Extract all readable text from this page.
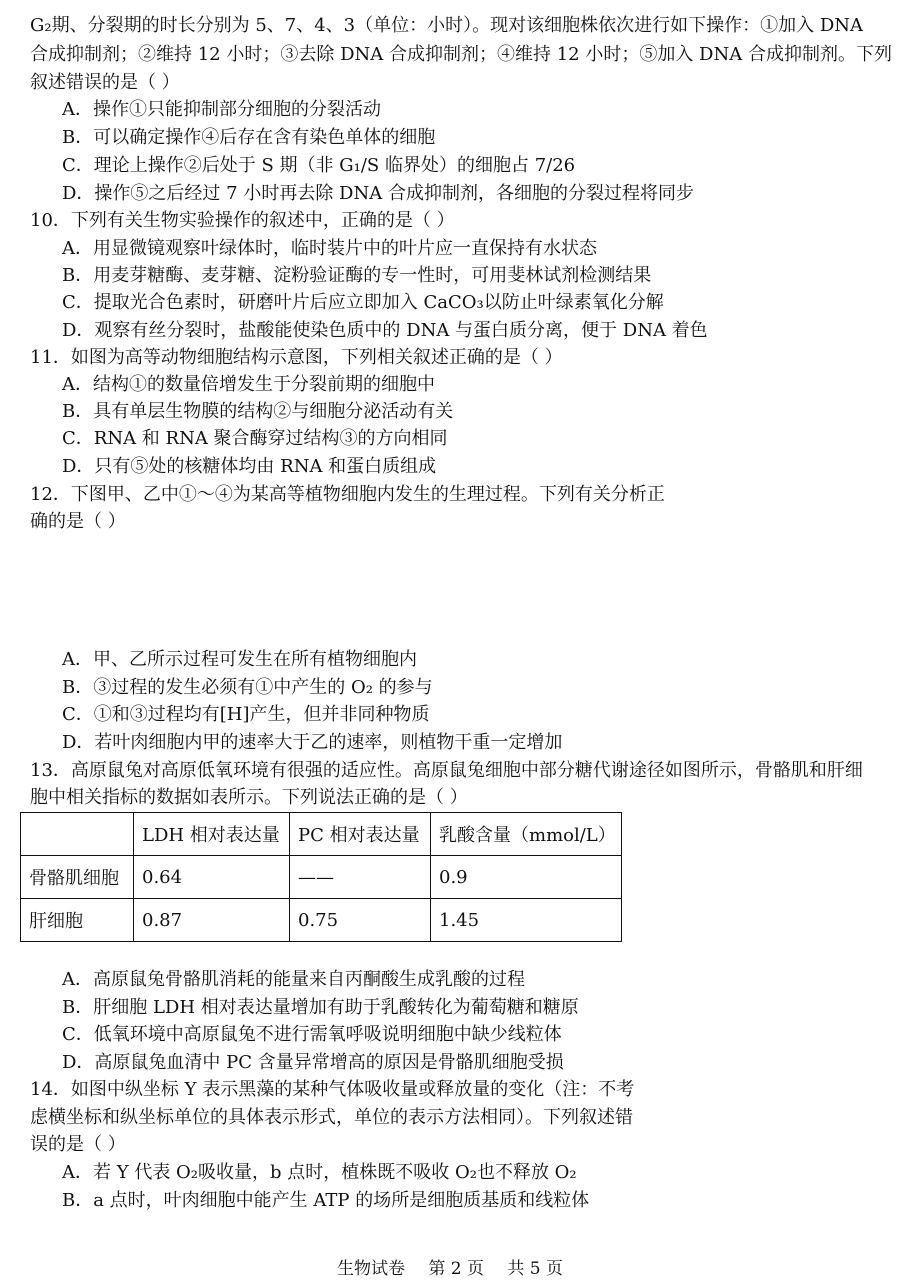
G₂期、分裂期的时长分别为 5、7、4、3（单位：小时）。现对该细胞株依次进行如下操作：①加入 DNA
合成抑制剂；②维持 12 小时；③去除 DNA 合成抑制剂；④维持 12 小时；⑤加入 DNA 合成抑制剂。下列
叙述错误的是（ ）
A．操作①只能抑制部分细胞的分裂活动
B．可以确定操作④后存在含有染色单体的细胞
C．理论上操作②后处于 S 期（非 G₁/S 临界处）的细胞占 7/26
D．操作⑤之后经过 7 小时再去除 DNA 合成抑制剂，各细胞的分裂过程将同步
10．下列有关生物实验操作的叙述中，正确的是（ ）
A．用显微镜观察叶绿体时，临时装片中的叶片应一直保持有水状态
B．用麦芽糖酶、麦芽糖、淀粉验证酶的专一性时，可用斐林试剂检测结果
C．提取光合色素时，研磨叶片后应立即加入 CaCO₃以防止叶绿素氧化分解
D．观察有丝分裂时，盐酸能使染色质中的 DNA 与蛋白质分离，便于 DNA 着色
11．如图为高等动物细胞结构示意图，下列相关叙述正确的是（ ）
A．结构①的数量倍增发生于分裂前期的细胞中
B．具有单层生物膜的结构②与细胞分泌活动有关
C．RNA 和 RNA 聚合酶穿过结构③的方向相同
D．只有⑤处的核糖体均由 RNA 和蛋白质组成
12．下图甲、乙中①～④为某高等植物细胞内发生的生理过程。下列有关分析正
确的是（ ）
A．甲、乙所示过程可发生在所有植物细胞内
B．③过程的发生必须有①中产生的 O₂ 的参与
C．①和③过程均有[H]产生，但并非同种物质
D．若叶肉细胞内甲的速率大于乙的速率，则植物干重一定增加
13．高原鼠兔对高原低氧环境有很强的适应性。高原鼠兔细胞中部分糖代谢途径如图所示，骨骼肌和肝细
胞中相关指标的数据如表所示。下列说法正确的是（ ）
A．高原鼠兔骨骼肌消耗的能量来自丙酮酸生成乳酸的过程
B．肝细胞 LDH 相对表达量增加有助于乳酸转化为葡萄糖和糖原
C．低氧环境中高原鼠兔不进行需氧呼吸说明细胞中缺少线粒体
D．高原鼠兔血清中 PC 含量异常增高的原因是骨骼肌细胞受损
14．如图中纵坐标 Y 表示黑藻的某种气体吸收量或释放量的变化（注：不考
虑横坐标和纵坐标单位的具体表示形式，单位的表示方法相同）。下列叙述错
误的是（ ）
A．若 Y 代表 O₂吸收量，b 点时，植株既不吸收 O₂也不释放 O₂
B．a 点时，叶肉细胞中能产生 ATP 的场所是细胞质基质和线粒体
	LDH 相对表达量	PC 相对表达量	乳酸含量（mmol/L）
骨骼肌细胞	0.64	——	0.9
肝细胞	0.87	0.75	1.45
生物试卷 第 2 页 共 5 页
